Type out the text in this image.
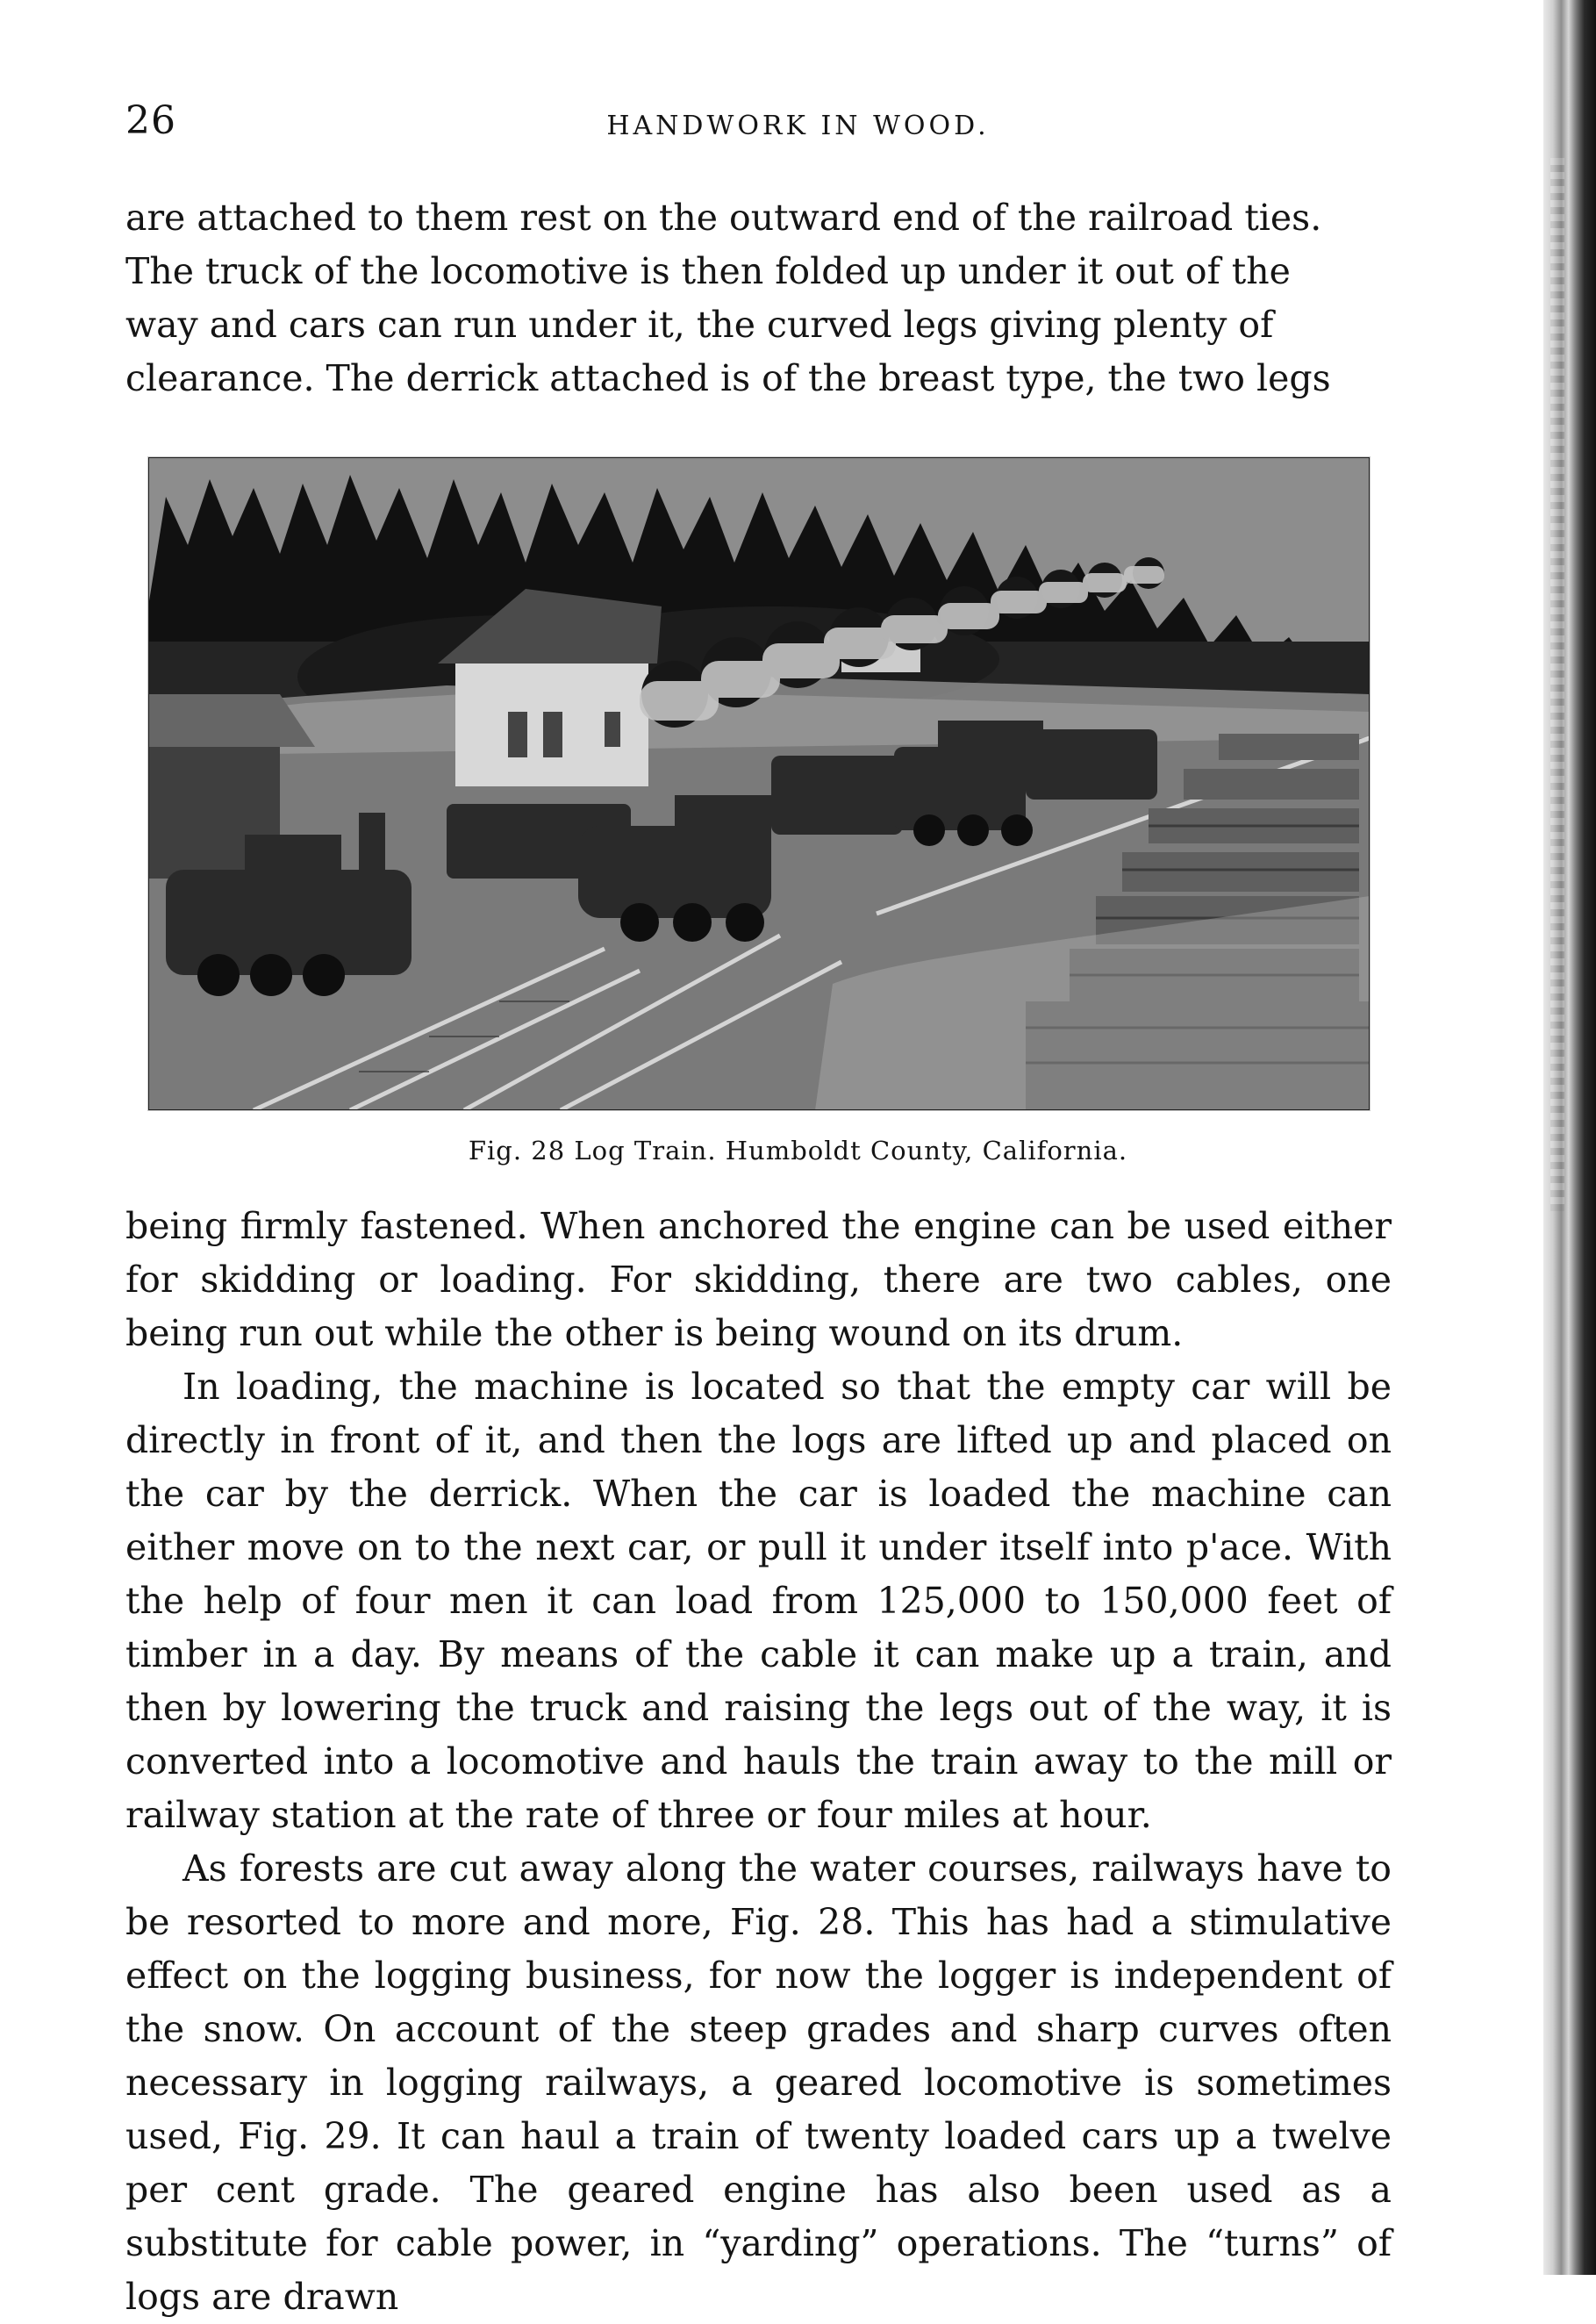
26	HANDWORK IN WOOD.

are attached to them rest on the outward end of the railroad ties.

The truck of the locomotive is then folded up under it out of the

way and cars can run under it, the curved legs giving plenty of

clearance. The derrick attached is of the breast type, the two legs

Fig. 28 Log Train. Humboldt County, California.

being firmly fastened. When anchored the engine can be used either for skidding or loading. For skidding, there are two cables, one being run out while the other is being wound on its drum.

In loading, the machine is located so that the empty car will be directly in front of it, and then the logs are lifted up and placed on the car by the derrick. When the car is loaded the machine can either move on to the next car, or pull it under itself into p'ace. With the help of four men it can load from 125,000 to 150,000 feet of timber in a day. By means of the cable it can make up a train, and then by lowering the truck and raising the legs out of the way, it is converted into a locomotive and hauls the train away to the mill or railway station at the rate of three or four miles at hour.

As forests are cut away along the water courses, railways have to be resorted to more and more, Fig. 28. This has had a stimulative effect on the logging business, for now the logger is independent of the snow. On account of the steep grades and sharp curves often necessary in logging railways, a geared locomotive is sometimes used, Fig. 29. It can haul a train of twenty loaded cars up a twelve per cent grade. The geared engine has also been used as a substitute for cable power, in “yarding” operations. The “turns” of logs are drawn
